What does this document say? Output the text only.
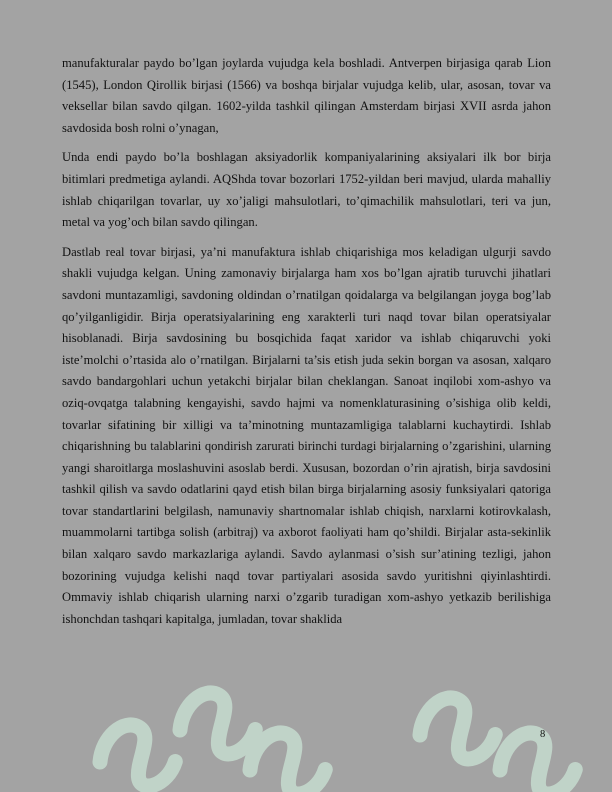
manufakturalar paydo bo’lgan joylarda vujudga kela boshladi. Antverpen birjasiga qarab Lion (1545), London Qirollik birjasi (1566) va boshqa birjalar vujudga kelib, ular, asosan, tovar va veksellar bilan savdo qilgan. 1602-yilda tashkil qilingan Amsterdam birjasi XVII asrda jahon savdosida bosh rolni o’ynagan,

Unda endi paydo bo’la boshlagan aksiyadorlik kompaniyalarining aksiyalari ilk bor birja bitimlari predmetiga aylandi. AQShda tovar bozorlari 1752-yildan beri mavjud, ularda mahalliy ishlab chiqarilgan tovarlar, uy xo’jaligi mahsulotlari, to’qimachilik mahsulotlari, teri va jun, metal va yog’och bilan savdo qilingan.

Dastlab real tovar birjasi, ya’ni manufaktura ishlab chiqarishiga mos keladigan ulgurji savdo shakli vujudga kelgan. Uning zamonaviy birjalarga ham xos bo’lgan ajratib turuvchi jihatlari savdoni muntazamligi, savdoning oldindan o’rnatilgan qoidalarga va belgilangan joyga bog’lab qo’yilganligidir. Birja operatsiyalarining eng xarakterli turi naqd tovar bilan operatsiyalar hisoblanadi. Birja savdosining bu bosqichida faqat xaridor va ishlab chiqaruvchi yoki iste’molchi o’rtasida alo o’rnatilgan. Birjalarni ta’sis etish juda sekin borgan va asosan, xalqaro savdo bandargohlari uchun yetakchi birjalar bilan cheklangan. Sanoat inqilobi xom-ashyo va oziq-ovqatga talabning kengayishi, savdo hajmi va nomenklaturasining o’sishiga olib keldi, tovarlar sifatining bir xilligi va ta’minotning muntazamligiga talablarni kuchaytirdi. Ishlab chiqarishning bu talablarini qondirish zarurati birinchi turdagi birjalarning o’zgarishini, ularning yangi sharoitlarga moslashuvini asoslab berdi. Xususan, bozordan o’rin ajratish, birja savdosini tashkil qilish va savdo odatlarini qayd etish bilan birga birjalarning asosiy funksiyalari qatoriga tovar standartlarini belgilash, namunaviy shartnomalar ishlab chiqish, narxlarni kotirovkalash, muammolarni tartibga solish (arbitraj) va axborot faoliyati ham qo’shildi. Birjalar asta-sekinlik bilan xalqaro savdo markazlariga aylandi. Savdo aylanmasi o’sish sur’atining tezligi, jahon bozorining vujudga kelishi naqd tovar partiyalari asosida savdo yuritishni qiyinlashtirdi. Ommaviy ishlab chiqarish ularning narxi o’zgarib turadigan xom-ashyo yetkazib berilishiga ishonchdan tashqari kapitalga, jumladan, tovar shaklida

8
